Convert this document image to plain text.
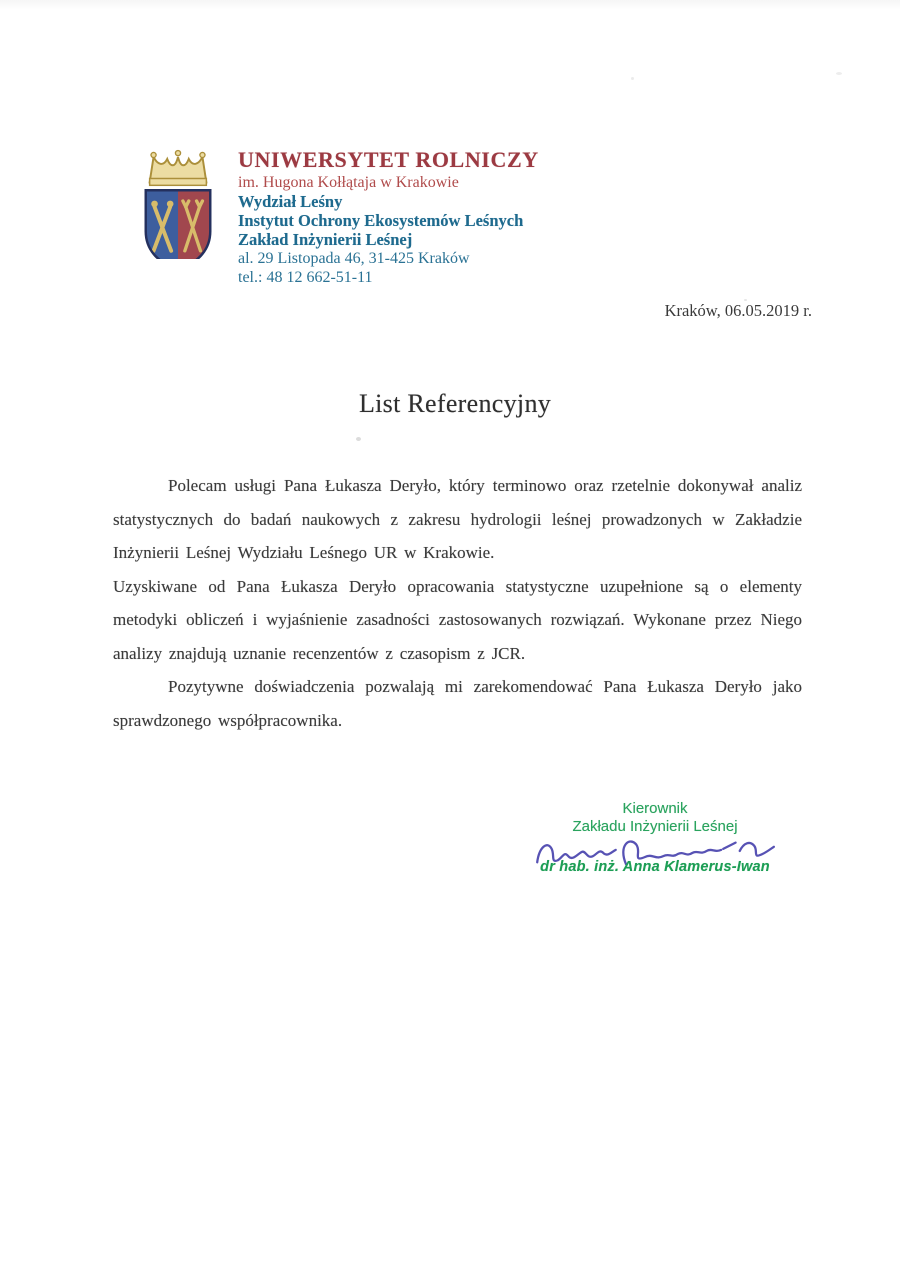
UNIWERSYTET ROLNICZY
im. Hugona Kołłątaja w Krakowie
Wydział Leśny
Instytut Ochrony Ekosystemów Leśnych
Zakład Inżynierii Leśnej
al. 29 Listopada 46, 31-425 Kraków
tel.: 48 12 662-51-11
Kraków, 06.05.2019 r.
List Referencyjny

Polecam usługi Pana Łukasza Deryło, który terminowo oraz rzetelnie dokonywał analiz statystycznych do badań naukowych z zakresu hydrologii leśnej prowadzonych w Zakładzie Inżynierii Leśnej Wydziału Leśnego UR w Krakowie.

Uzyskiwane od Pana Łukasza Deryło opracowania statystyczne uzupełnione są o elementy metodyki obliczeń i wyjaśnienie zasadności zastosowanych rozwiązań. Wykonane przez Niego analizy znajdują uznanie recenzentów z czasopism z JCR.

Pozytywne doświadczenia pozwalają mi zarekomendować Pana Łukasza Deryło jako sprawdzonego współpracownika.

Kierownik
Zakładu Inżynierii Leśnej
dr hab. inż. Anna Klamerus-Iwan
